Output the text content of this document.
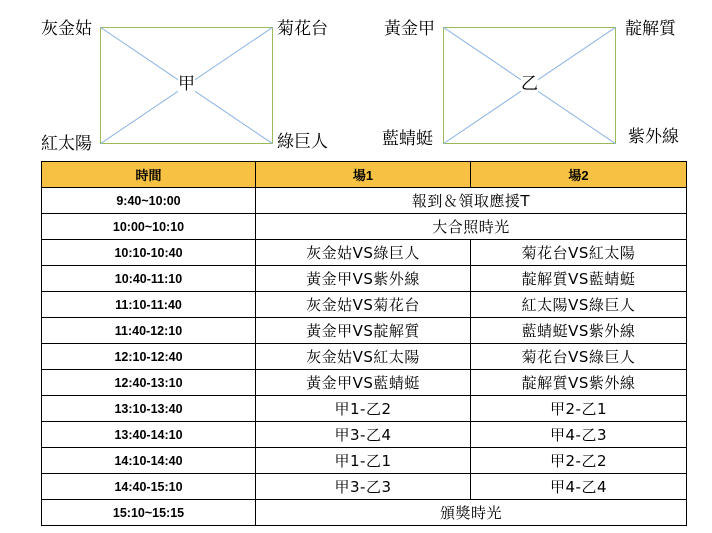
甲
灰金姑	菊花台
紅太陽	綠巨人
乙
黃金甲	靛解質
藍蜻蜓	紫外線
時間	場1	場2
9:40~10:00	報到＆領取應援T	
10:00~10:10	大合照時光	
10:10-10:40	灰金姑VS綠巨人	菊花台VS紅太陽
10:40-11:10	黃金甲VS紫外線	靛解質VS藍蜻蜓
11:10-11:40	灰金姑VS菊花台	紅太陽VS綠巨人
11:40-12:10	黃金甲VS靛解質	藍蜻蜓VS紫外線
12:10-12:40	灰金姑VS紅太陽	菊花台VS綠巨人
12:40-13:10	黃金甲VS藍蜻蜓	靛解質VS紫外線
13:10-13:40	甲1-乙2	甲2-乙1
13:40-14:10	甲3-乙4	甲4-乙3
14:10-14:40	甲1-乙1	甲2-乙2
14:40-15:10	甲3-乙3	甲4-乙4
15:10~15:15	頒獎時光	
